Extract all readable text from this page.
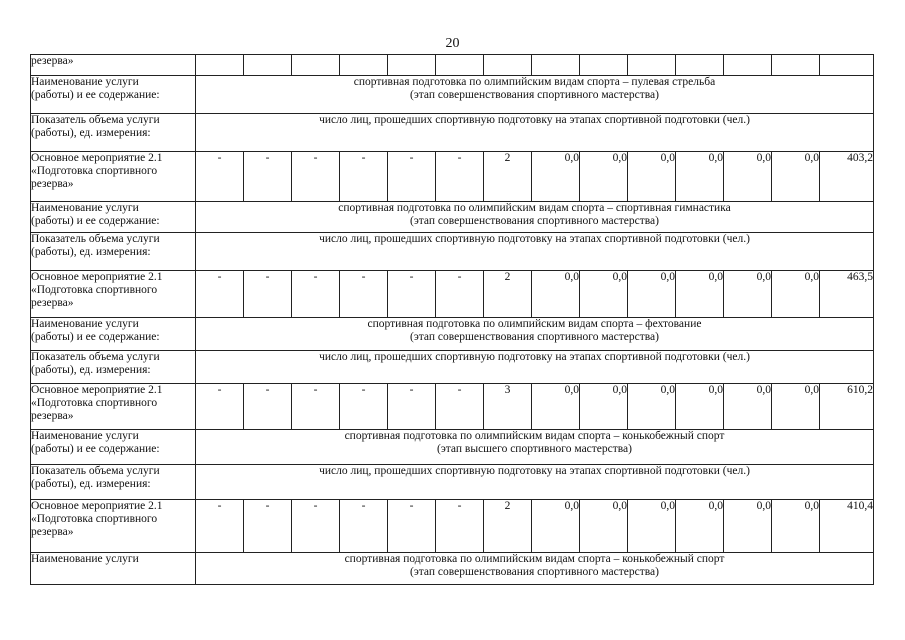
20
резерва»														

Наименование услуги
(работы) и ее содержание:	спортивная подготовка по олимпийским видам спорта – пулевая стрельба
(этап совершенствования спортивного мастерства)													

Показатель объема услуги
(работы), ед. измерения:	число лиц, прошедших спортивную подготовку на этапах спортивной подготовки (чел.)													

Основное мероприятие 2.1
«Подготовка спортивного
резерва»	-	-	-	-	-	-	2	0,0	0,0	0,0	0,0	0,0	0,0	403,2

Наименование услуги
(работы) и ее содержание:	спортивная подготовка по олимпийским видам спорта – спортивная гимнастика
(этап совершенствования спортивного мастерства)													

Показатель объема услуги
(работы), ед. измерения:	число лиц, прошедших спортивную подготовку на этапах спортивной подготовки (чел.)													

Основное мероприятие 2.1
«Подготовка спортивного
резерва»	-	-	-	-	-	-	2	0,0	0,0	0,0	0,0	0,0	0,0	463,5

Наименование услуги
(работы) и ее содержание:	спортивная подготовка по олимпийским видам спорта – фехтование
(этап совершенствования спортивного мастерства)													

Показатель объема услуги
(работы), ед. измерения:	число лиц, прошедших спортивную подготовку на этапах спортивной подготовки (чел.)													

Основное мероприятие 2.1
«Подготовка спортивного
резерва»	-	-	-	-	-	-	3	0,0	0,0	0,0	0,0	0,0	0,0	610,2

Наименование услуги
(работы) и ее содержание:	спортивная подготовка по олимпийским видам спорта – конькобежный спорт
(этап высшего спортивного мастерства)													

Показатель объема услуги
(работы), ед. измерения:	число лиц, прошедших спортивную подготовку на этапах спортивной подготовки (чел.)													

Основное мероприятие 2.1
«Подготовка спортивного
резерва»	-	-	-	-	-	-	2	0,0	0,0	0,0	0,0	0,0	0,0	410,4

Наименование услуги	спортивная подготовка по олимпийским видам спорта – конькобежный спорт
(этап совершенствования спортивного мастерства)													
